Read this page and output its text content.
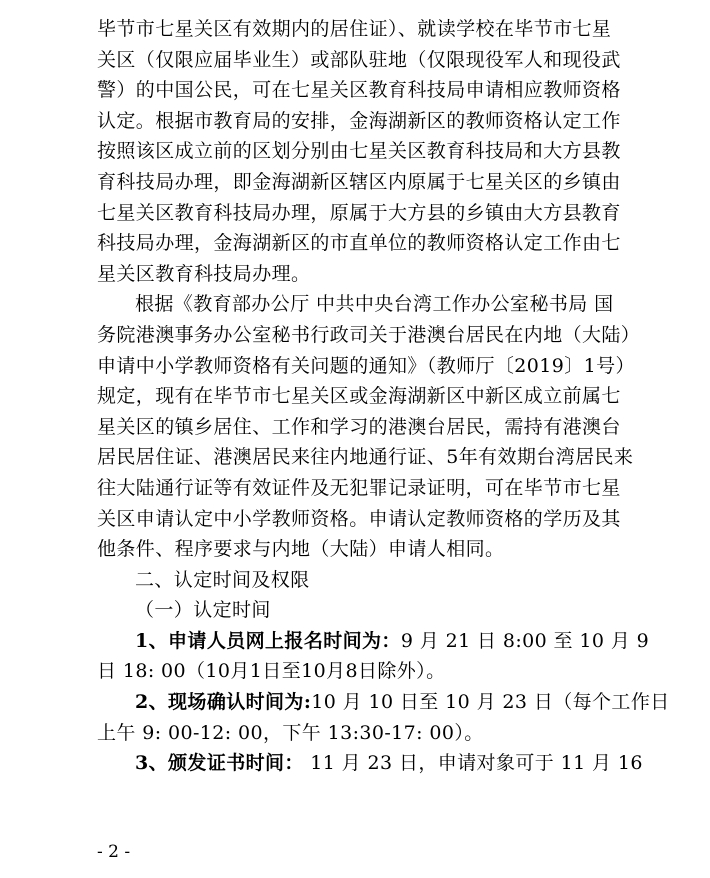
毕节市七星关区有效期内的居住证）、就读学校在毕节市七星
关区（仅限应届毕业生）或部队驻地（仅限现役军人和现役武
警）的中国公民，可在七星关区教育科技局申请相应教师资格
认定。根据市教育局的安排，金海湖新区的教师资格认定工作
按照该区成立前的区划分别由七星关区教育科技局和大方县教
育科技局办理，即金海湖新区辖区内原属于七星关区的乡镇由
七星关区教育科技局办理，原属于大方县的乡镇由大方县教育
科技局办理，金海湖新区的市直单位的教师资格认定工作由七
星关区教育科技局办理。
根据《教育部办公厅 中共中央台湾工作办公室秘书局 国
务院港澳事务办公室秘书行政司关于港澳台居民在内地（大陆）
申请中小学教师资格有关问题的通知》（教师厅〔2019〕1号）
规定，现有在毕节市七星关区或金海湖新区中新区成立前属七
星关区的镇乡居住、工作和学习的港澳台居民，需持有港澳台
居民居住证、港澳居民来往内地通行证、5年有效期台湾居民来
往大陆通行证等有效证件及无犯罪记录证明，可在毕节市七星
关区申请认定中小学教师资格。申请认定教师资格的学历及其
他条件、程序要求与内地（大陆）申请人相同。
二、认定时间及权限
（一）认定时间
1、申请人员网上报名时间为：9 月 21 日 8:00 至 10 月 9
日 18: 00（10月1日至10月8日除外）。
2、现场确认时间为:10 月 10 日至 10 月 23 日（每个工作日
上午 9: 00-12: 00，下午 13:30-17: 00）。
3、颁发证书时间： 11 月 23 日，申请对象可于 11 月 16
- 2 -
